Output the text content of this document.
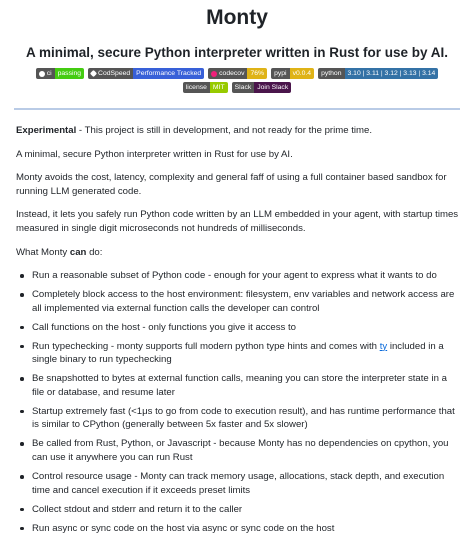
Monty
A minimal, secure Python interpreter written in Rust for use by AI.
ci passing	CodSpeed Performance Tracked	codecov 76%	pypi v0.0.4	python 3.10 | 3.11 | 3.12 | 3.13 | 3.14
license MIT	Slack Join Slack

Experimental - This project is still in development, and not ready for the prime time.

A minimal, secure Python interpreter written in Rust for use by AI.

Monty avoids the cost, latency, complexity and general faff of using a full container based sandbox for running LLM generated code.

Instead, it lets you safely run Python code written by an LLM embedded in your agent, with startup times measured in single digit microseconds not hundreds of milliseconds.

What Monty can do:

Run a reasonable subset of Python code - enough for your agent to express what it wants to do
Completely block access to the host environment: filesystem, env variables and network access are all implemented via external function calls the developer can control
Call functions on the host - only functions you give it access to
Run typechecking - monty supports full modern python type hints and comes with ty included in a single binary to run typechecking
Be snapshotted to bytes at external function calls, meaning you can store the interpreter state in a file or database, and resume later
Startup extremely fast (<1μs to go from code to execution result), and has runtime performance that is similar to CPython (generally between 5x faster and 5x slower)
Be called from Rust, Python, or Javascript - because Monty has no dependencies on cpython, you can use it anywhere you can run Rust
Control resource usage - Monty can track memory usage, allocations, stack depth, and execution time and cancel execution if it exceeds preset limits
Collect stdout and stderr and return it to the caller
Run async or sync code on the host via async or sync code on the host
